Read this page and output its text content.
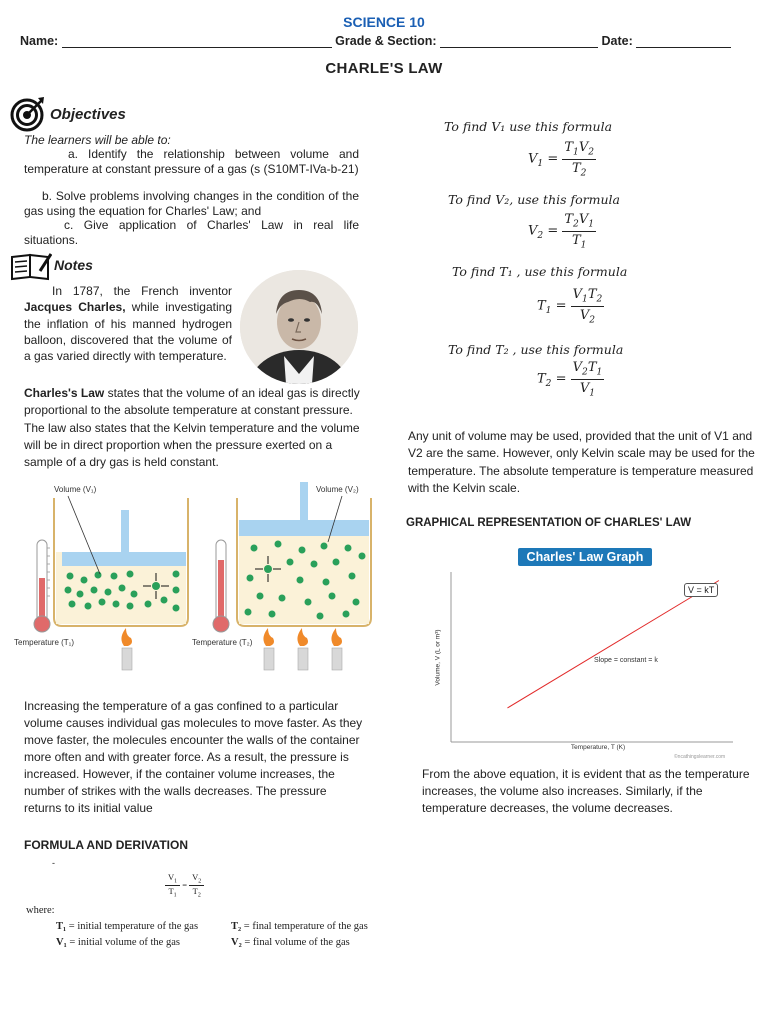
SCIENCE 10
Name:	Grade & Section:	Date:
CHARLE'S LAW
Objectives
The learners will be able to:
a. Identify the relationship between volume and temperature at constant pressure of a gas (s (S10MT-IVa-b-21)
b. Solve problems involving changes in the condition of the gas using the equation for Charles' Law; and
c. Give application of Charles' Law in real life situations.
Notes
In 1787, the French inventor Jacques Charles, while investigating the inflation of his manned hydrogen balloon, discovered that the volume of a gas varied directly with temperature.
Charles's Law states that the volume of an ideal gas is directly proportional to the absolute temperature at constant pressure. The law also states that the Kelvin temperature and the volume will be in direct proportion when the pressure exerted on a sample of a dry gas is held constant.
Volume (V₁)	Volume (V₂)
Temperature (T₁)	Temperature (T₂)
Increasing the temperature of a gas confined to a particular volume causes individual gas molecules to move faster. As they move faster, the molecules encounter the walls of the container more often and with greater force. As a result, the pressure is increased. However, if the container volume increases, the number of strikes with the walls decreases. The pressure returns to its initial value
FORMULA AND DERIVATION
-
$\frac{V_1}{T_1} = \frac{V_2}{T_2}$
where:
T₁ = initial temperature of the gas	T₂ = final temperature of the gas
V₁ = initial volume of the gas	V₂ = final volume of the gas
To find V₁ use this formula
$V_1 = \frac{T_1V_2}{T_2}$
To find V₂, use this formula
$V_2 = \frac{T_2V_1}{T_1}$
To find T₁ , use this formula
$T_1 = \frac{V_1T_2}{V_2}$
To find T₂ , use this formula
$T_2 = \frac{V_2T_1}{V_1}$
Any unit of volume may be used, provided that the unit of V1 and V2 are the same. However, only Kelvin scale may be used for the temperature. The absolute temperature is temperature measured with the Kelvin scale.
GRAPHICAL REPRESENTATION OF CHARLES' LAW
Charles' Law Graph
V = kT
Slope = constant = k
Volume, V (L or m³)
Temperature, T (K)
©ncathingslearner.com
From the above equation, it is evident that as the temperature increases, the volume also increases. Similarly, if the temperature decreases, the volume decreases.
